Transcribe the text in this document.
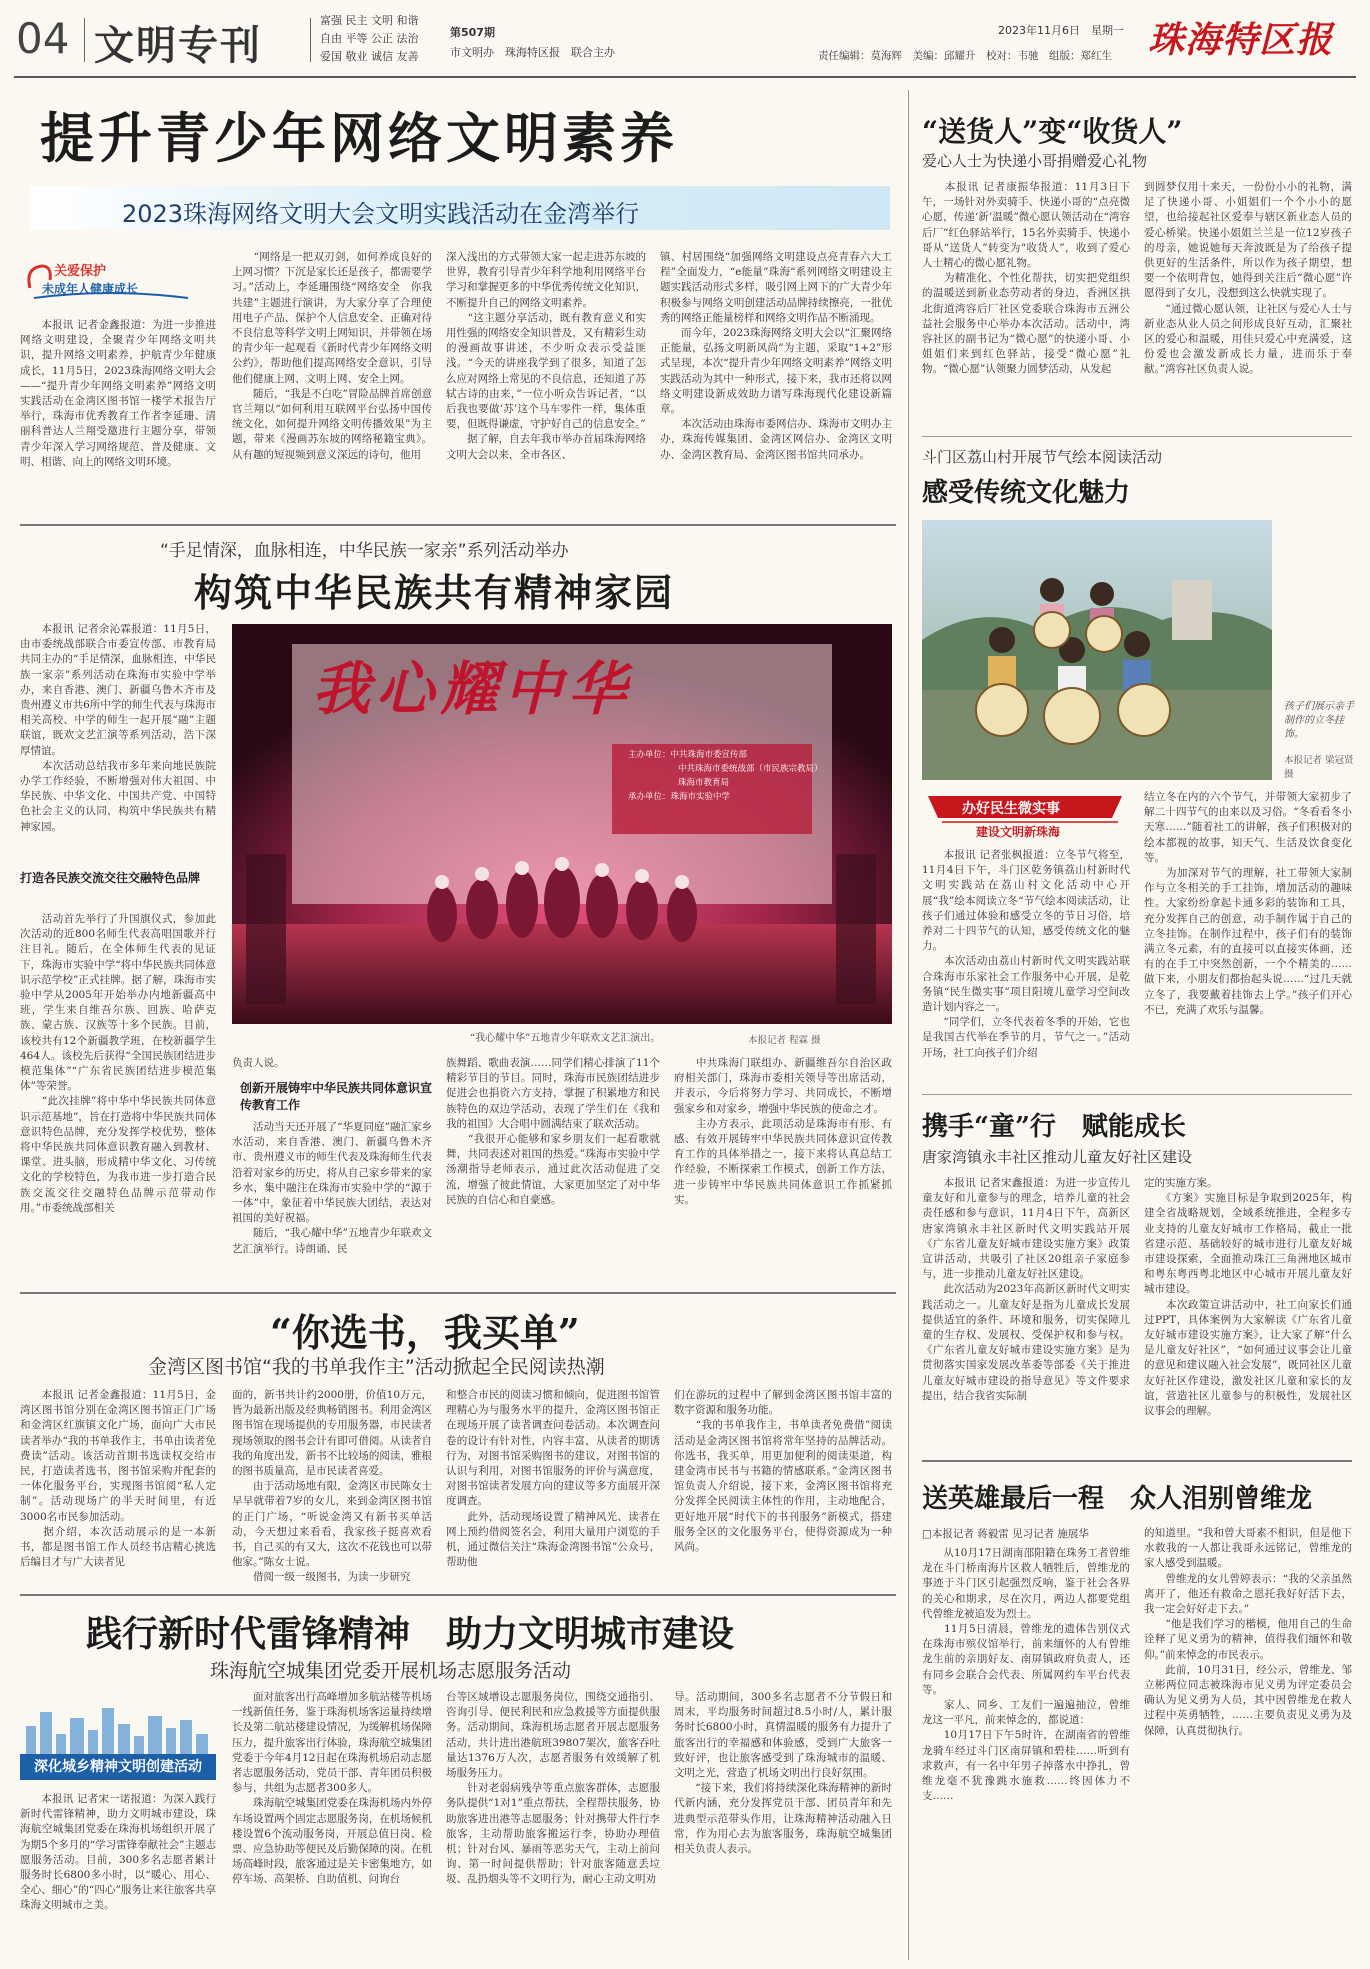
04 文明专刊
富强 民主 文明 和谐
自由 平等 公正 法治
爱国 敬业 诚信 友善
第507期
市文明办　珠海特区报　联合主办
2023年11月6日　星期一
责任编辑：莫海辉　美编：邱耀升　校对：韦驰　组版：郑红生 珠海特区报
提升青少年网络文明素养
2023珠海网络文明大会文明实践活动在金湾举行
关爱保护
未成年人健康成长
　　本报讯 记者金鑫报道：为进一步推进网络文明建设，全聚青少年网络文明共识，提升网络文明素养，护航青少年健康成长，11月5日，2023珠海网络文明大会——“提升青少年网络文明素养”网络文明实践活动在金湾区图书馆一楼学术报告厅举行，珠海市优秀教育工作者李延珊、清丽科普达人兰翔受邀进行主题分享，带领青少年深入学习网络规范、普及健康、文明、相谐、向上的网络文明环境。
　　“网络是一把双刃剑，如何养成良好的上网习惯？下沉是家长还是孩子，都需要学习。”活动上，李延珊围绕“网络安全　你我共建”主题进行演讲，为大家分享了合理使用电子产品、保护个人信息安全、正确对待不良信息等科学文明上网知识，并带领在场的青少年一起观看《新时代青少年网络文明公约》，帮助他们提高网络安全意识，引导他们健康上网、文明上网、安全上网。
　　随后，“我是不白吃”冒险品牌首席创意官兰翔以“如何利用互联网平台弘扬中国传统文化，如何提升网络文明传播效果”为主题，带来《漫画苏东坡的网络秘籍宝典》。从有趣的短视频到意义深远的诗句，他用
深入浅出的方式带领大家一起走进苏东坡的世界，教育引导青少年科学地利用网络平台学习和掌握更多的中华优秀传统文化知识，不断提升自己的网络文明素养。
　　“这主题分享活动，既有教育意义和实用性强的网络安全知识普及，又有精彩生动的漫画故事讲述，不少听众表示受益匪浅。“今天的讲座我学到了很多，知道了怎么应对网络上常见的不良信息，还知道了苏轼古诗的由来，”一位小听众告诉记者，“以后我也要做‘苏’这个马车零件一样，集体重要，但既得谦虚，守护好自己的信息安全。”
　　据了解，自去年我市举办首届珠海网络文明大会以来，全市各区、
镇、村居围绕“加强网络文明建设点亮青春六大工程”全面发力，“e能量”珠海“系列网络文明建设主题实践活动形式多样，吸引网上网下的广大青少年积极参与网络文明创建活动品牌持续擦亮，一批优秀的网络正能量榜样和网络文明作品不断涌现。
　　而今年，2023珠海网络文明大会以“汇聚网络正能量，弘扬文明新风尚”为主题，采取“1+2”形式呈现，本次“提升青少年网络文明素养”网络文明实践活动为其中一种形式，接下来，我市还将以网络文明建设新成效助力谱写珠海现代化建设新篇章。
　　本次活动由珠海市委网信办、珠海市文明办主办，珠海传媒集团、金湾区网信办、金湾区文明办、金湾区教育局、金湾区图书馆共同承办。
“手足情深，血脉相连，中华民族一家亲”系列活动举办
构筑中华民族共有精神家园
　　本报讯 记者余沁霖报道：11月5日，由市委统战部联合市委宣传部、市教育局共同主办的“手足情深，血脉相连，中华民族一家亲”系列活动在珠海市实验中学举办，来自香港、澳门、新疆乌鲁木齐市及贵州遵义市共6所中学的师生代表与珠海市相关高校、中学的师生一起开展“融”主题联谊，既欢文艺汇演等系列活动，浩下深厚情谊。
　　本次活动总结我市多年来向地民族院办学工作经验，不断增强对伟大祖国、中华民族、中华文化、中国共产党、中国特色社会主义的认同，构筑中华民族共有精神家园。
打造各民族交流交往交融特色品牌
　　活动首先举行了升国旗仪式，参加此次活动的近800名师生代表高唱国歌并行注目礼。随后，在全体师生代表的见证下，珠海市实验中学“将中华民族共同体意识示范学校”正式挂牌。据了解，珠海市实验中学从2005年开始举办内地新疆高中班，学生来自维吾尔族、回族、哈萨克族、蒙古族、汉族等十多个民族。目前，该校共有12个新疆教学班，在校新疆学生464人。该校先后获得“全国民族团结进步模范集体”“广东省民族团结进步模范集体”等荣誉。
　　“此次挂牌”将中华中华民族共同体意识示范基地”，旨在打造将中华民族共同体意识特色品牌，充分发挥学校优势，整体将中华民族共同体意识教育融入到教材、课堂、进头脑，形成精中华文化、习传统文化的学校特色，为我市进一步打造合民族交流交往交融特色品牌示范带动作用。”市委统战部相关
我心耀中华
主办单位：中共珠海市委宣传部
中共珠海市委统战部（市民族宗教局）
珠海市教育局
承办单位：珠海市实验中学
“我心耀中华”五地青少年联欢文艺汇演出。	本报记者 程霖 摄
负责人说。
创新开展铸牢中华民族共同体意识宣传教育工作
　　活动当天还开展了“华夏同庭”融汇家乡水活动，来自香港、澳门、新疆乌鲁木齐市、贵州遵义市的师生代表及珠海师生代表沿着对家乡的历史，将从自己家乡带来的家乡水，集中融注在珠海市实验中学的“源于一体”中，象征着中华民族大团结，表达对祖国的美好祝福。
　　随后，“我心耀中华”五地青少年联欢文艺汇演举行。诗朗诵、民
族舞蹈、歌曲表演……同学们精心排演了11个精彩节目的节目。同时，珠海市民族团结进步促进会也捐资六方支持，掌握了积累地方和民族特色的双边学活动，表现了学生们在《我和我的祖国》大合唱中圆满结束了联欢活动。
　　“我很开心能够和家乡朋友们一起看歌就舞，共同表述对祖国的热爱。”珠海市实验中学汤潮指导老师表示，通过此次活动促进了交流，增强了彼此情谊，大家更加坚定了对中华民族的自信心和自豪感。
　　中共珠海门联组办、新疆维吾尔自治区政府相关部门，珠海市委相关领导等出席活动，并表示，今后将努力学习、共同成长，不断增强家乡和对家乡，增强中华民族的使命之才。
　　主办方表示，此项活动是珠海市有形、有感、有效开展铸牢中华民族共同体意识宣传教育工作的具体举措之一，接下来将认真总结工作经验，不断探索工作模式，创新工作方法，进一步铸牢中华民族共同体意识工作抓紧抓实。
“你选书，我买单”
金湾区图书馆“我的书单我作主”活动掀起全民阅读热潮
　　本报讯 记者金鑫报道：11月5日，金湾区图书馆分别在金湾区图书馆正门广场和金湾区红旗镇文化广场，面向广大市民读者举办“我的书单我作主，书单由读者免费读”活动。该活动首期书选读权交给市民，打造读者选书，图书馆采购并配套的一体化服务平台，实现图书馆阅“私人定制”。活动现场广的半天时间里，有近3000名市民参加活动。
　　据介绍，本次活动展示的是一本新书，都是图书馆工作人员经书店精心挑选后编目才与广大读者见
面的，新书共计约2000册，价值10万元，皆为最新出版及经典畅销图书。利用金湾区图书馆在现场提供的专用服务器，市民读者现场领取的图书会计有即可借阅。从读者自我的角度出发，新书不比较场的阅读，雅根的图书质量高，是市民读者喜爱。
　　由于活动场地有限，金湾区市民陈女士早早就带着7岁的女儿，来到金湾区图书馆的正门广场，“听说金湾又有新书买单活动，今天想过来看看，我家孩子挺喜欢看书，自己买的有又大，这次不花钱也可以带他家。”陈女士说。
　　借阅一级一级图书，为读一步研究
和整合市民的阅读习惯和倾向，促进图书馆管理精心为与服务水平的提升，金湾区图书馆正在现场开展了读者调查问卷活动。本次调查问卷的设计有针对性，内容丰富，从读者的期诱行为，对图书馆采购图书的建议，对图书馆的认识与利用，对图书馆服务的评价与满意度，对图书馆读者发展方向的建议等多方面展开深度调查。
　　此外，活动现场设置了精神风光、读者在网上预约借阅签名会，利用大量用户浏览的手机，通过微信关注“珠海金湾图书馆”公众号，帮助他
们在游玩的过程中了解到金湾区图书馆丰富的数字资源和服务功能。
　　“我的书单我作主，书单读者免费借”阅读活动是金湾区图书馆将常年坚持的品牌活动。你选书，我买单，用更加便利的阅读渠道，构建金湾市民书与书籍的情感联系。”金湾区图书馆负责人介绍说，接下来，金湾区图书馆将充分发挥全民阅读主体性的作用，主动地配合，更好地开展“时代下的书刊服务”新模式，搭建服务全区的文化服务平台，使得资源成为一种风尚。
践行新时代雷锋精神　助力文明城市建设
珠海航空城集团党委开展机场志愿服务活动
深化城乡精神文明创建活动
　　本报讯 记者宋一诺报道：为深入践行新时代雷锋精神，助力文明城市建设，珠海航空城集团党委在珠海机场组织开展了为期5个多月的“学习雷锋奉献社会”主题志愿服务活动。目前，300多名志愿者累计服务时长6800多小时，以“暖心、用心、全心、细心”的“四心”服务让来往旅客共享珠海文明城市之美。
　　面对旅客出行高峰增加多航站楼等机场一线新值任务，鉴于珠海机场客运量持续增长及第二航站楼建设情况，为缓解机场保障压力，提升旅客出行体验，珠海航空城集团党委于今年4月12日起在珠海机场启动志愿者志愿服务活动，党员干部、青年团员积极参与，共组为志愿者300多人。
　　珠海航空城集团党委在珠海机场内外停车场设置两个固定志愿服务岗，在机场候机楼设置6个流动服务岗，开展总值日岗、检票、应急协助等便民及后勤保障的岗。在机场高峰时段，旅客通过是关卡密集地方，如停车场、高架桥、自助值机、问询台
台等区域增设志愿服务岗位，围绕交通指引、咨询引导、便民利民和应急救援等方面提供服务。活动期间，珠海机场志愿者开展志愿服务活动，共计进出港航班39807架次，旅客吞吐量达1376万人次，志愿者服务有效缓解了机场服务压力。
　　针对老弱病残孕等重点旅客群体，志愿服务队提供“1对1”重点帮扶，全程帮扶服务，协助旅客进出港等志愿服务；针对携带大件行李旅客，主动帮助旅客搬运行李，协助办理值机；针对台风、暴雨等恶劣天气，主动上前问询、第一时间提供帮助；针对旅客随意丢垃圾、乱扔烟头等不文明行为，耐心主动文明劝
导。活动期间，300多名志愿者不分节假日和周末，平均服务时间超过8.5小时/人，累计服务时长6800小时，真情温暖的服务有力提升了旅客出行的幸福感和体验感，受到广大旅客一致好评，也让旅客感受到了珠海城市的温暖、文明之光，营造了机场文明出行良好氛围。
　　“接下来，我们将持续深化珠海精神的新时代新内涵，充分发挥党员干部、团员青年和先进典型示范带头作用，让珠海精神活动融入日常，作为用心去为旅客服务，珠海航空城集团相关负责人表示。
“送货人”变“收货人”
爱心人士为快递小哥捐赠爱心礼物
　　本报讯 记者康振华报道：11月3日下午，一场针对外卖骑手、快递小哥的“点亮微心愿，传递‘新’温暖”微心愿认领活动在“湾容后厂”红色驿站举行，15名外卖骑手、快递小哥从“送货人”转变为“收货人”，收到了爱心人士精心的微心愿礼物。
　　为精准化、个性化帮扶，切实把党组织的温暖送到新业态劳动者的身边，香洲区拱北街道湾容后厂社区党委联合珠海市五洲公益社会服务中心举办本次活动。活动中，湾容社区的副书记为“微心愿”的快递小哥、小姐姐们来到红色驿站，接受“微心愿”礼物。“微心愿”认领聚力圆梦活动，从发起
到圆梦仅用十来天，一份份小小的礼物，满足了快递小哥、小姐姐们一个个小小的愿望，也给接起社区爱奉与辖区新业态人员的爱心桥梁。快递小姐姐兰兰是一位12岁孩子的母亲，她说她每天奔波既是为了给孩子提供更好的生活条件，所以作为孩子期望，想要一个依明背包，她得到关注后“微心愿”许愿得到了女儿，没想到这么快就实现了。
　　“通过微心愿认领，让社区与爱心人士与新业态从业人员之间形成良好互动，汇聚社区的爱心和温暖，用佳只爱心中充满爱，这份爱也会激发新成长力量，进而乐于奉献。”湾容社区负责人说。
斗门区荔山村开展节气绘本阅读活动
感受传统文化魅力
孩子们展示亲手制作的立冬挂饰。
本报记者 梁冠贤 摄
办好民生微实事
建设文明新珠海
　　本报讯 记者张枫报道：立冬节气将至，11月4日下午，斗门区乾务镇荔山村新时代文明实践站在荔山村文化活动中心开展“我”绘本阅读立冬“节气绘本阅读活动，让孩子们通过体验和感受立冬的节日习俗，培养对二十四节气的认知，感受传统文化的魅力。
　　本次活动由荔山村新时代文明实践站联合珠海市乐家社会工作服务中心开展，是乾务镇“民生微实事”项目阳境儿童学习空间改造计划内容之一。
　　“同学们，立冬代表着冬季的开始，它也是我国古代举在季节的月，节气之一。”活动开场，社工向孩子们介绍
结立冬在内的六个节气，并带领大家初步了解二十四节气的由来以及习俗。“冬看看冬小天寒……”随着社工的讲解，孩子们积极对的绘本都视的故事，知天气、生活及饮食变化等。
　　为加深对节气的理解，社工带领大家制作与立冬相关的手工挂饰，增加活动的趣味性。大家纷纷拿起卡通多彩的装饰和工具，充分发挥自己的创意，动手制作属于自己的立冬挂饰。在制作过程中，孩子们有的装饰满立冬元素，有的直接可以直接实体画，还有的在手工中突然创新，一个个精美的……做下来，小朋友们都抬起头说……“过几天就立冬了，我要戴着挂饰去上学。”孩子们开心不已，充满了欢乐与温馨。
携手“童”行　赋能成长
唐家湾镇永丰社区推动儿童友好社区建设
　　本报讯 记者宋鑫报道：为进一步宣传儿童友好和儿童参与的理念，培养儿童的社会责任感和参与意识，11月4日下午，高新区唐家湾镇永丰社区新时代文明实践站开展《广东省儿童友好城市建设实施方案》政策宣讲活动，共吸引了社区20组亲子家庭参与，进一步推动儿童友好社区建设。
　　此次活动为2023年高新区新时代文明实践活动之一。儿童友好是指为儿童成长发展提供适宜的条件、环境和服务，切实保障儿童的生存权、发展权、受保护权和参与权。《广东省儿童友好城市建设实施方案》是为贯彻落实国家发展改革委等部委《关于推进儿童友好城市建设的指导意见》等文件要求提出，结合我省实际制
定的实施方案。
　　《方案》实施目标是争取到2025年，构建全省战略规划，全域系统推进，全程多专业支持的儿童友好城市工作格局，截止一批省建示范、基础较好的城市进行儿童友好城市建设探索，全面推动珠江三角洲地区城市和粤东粤西粤北地区中心城市开展儿童友好城市建设。
　　本次政策宣讲活动中，社工向家长们通过PPT，具体案例为大家解读《广东省儿童友好城市建设实施方案》，让大家了解“什么是儿童友好社区”，“如何通过议事会让儿童的意见和建议融入社会发展”，既同社区儿童友好社区作建设，激发社区儿童和家长的友谊，营造社区儿童参与的积极性，发展社区议事会的理解。
送英雄最后一程　众人泪别曾维龙
□本报记者 蒋毅雷 见习记者 施展华
　　从10月17日湖南邵阳籍在珠务工者曾维龙在斗门桥南海片区救人牺牲后，曾维龙的事迹于斗门区引起强烈反响，鉴于社会各界的关心和期求，尽在次月，两边人都要党组代曾维龙被追发为烈士。
　　11月5日清晨，曾维龙的遗体告别仪式在珠海市殡仪馆举行，前来缅怀的人有曾维龙生前的亲朋好友、南屏镇政府负责人，还有同乡会联合会代表、所属网约车平台代表等。
　　家人、同乡、工友们一遍遍抽泣，曾维龙这一平凡，前来悼念的，都说道：
　　10月17日下午5时许，在湖南省的曾维龙骑车经过斗门区南屏镇和碧桂……听到有求救声，有一名中年男子掉落水中挣扎，曾维龙毫不犹豫跳水施救……终因体力不支……
的知道里。“我和曾大哥素不相识，但是他下水救我的一人都让我哥永远铭记，曾维龙的家人感受到温暖。
　　曾维龙的女儿曾婷表示：“我的父亲虽然离开了，他还有救命之恩托我好好活下去，我一定会好好走下去。”
　　“他是我们学习的楷模，他用自己的生命诠释了见义勇为的精神，值得我们缅怀和敬仰。”前来悼念的市民表示。
　　此前，10月31日，经公示，曾维龙、邹立彬两位同志被珠海市见义勇为评定委员会确认为见义勇为人员，其中因曾维龙在救人过程中英勇牺牲，……主要负责见义勇为及保障，认真贯彻执行。
